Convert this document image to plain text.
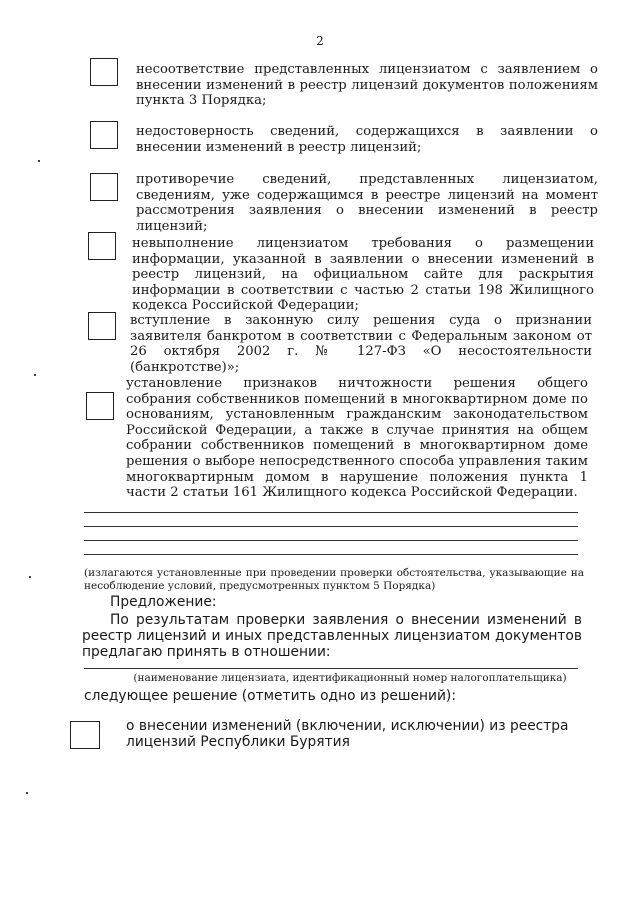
2
несоответствие представленных лицензиатом с заявлением о внесении изменений в реестр лицензий документов положениям пункта 3 Порядка;
недостоверность сведений, содержащихся в заявлении о внесении изменений в реестр лицензий;
противоречие сведений, представленных лицензиатом, сведениям, уже содержащимся в реестре лицензий на момент рассмотрения заявления о внесении изменений в реестр лицензий;
невыполнение лицензиатом требования о размещении информации, указанной в заявлении о внесении изменений в реестр лицензий, на официальном сайте для раскрытия информации в соответствии с частью 2 статьи 198 Жилищного кодекса Российской Федерации;
вступление в законную силу решения суда о признании заявителя банкротом в соответствии с Федеральным законом от 26 октября 2002 г. № 127-ФЗ «О несостоятельности (банкротстве)»;
установление признаков ничтожности решения общего собрания собственников помещений в многоквартирном доме по основаниям, установленным гражданским законодательством Российской Федерации, а также в случае принятия на общем собрании собственников помещений в многоквартирном доме решения о выборе непосредственного способа управления таким многоквартирным домом в нарушение положения пункта 1 части 2 статьи 161 Жилищного кодекса Российской Федерации.
(излагаются установленные при проведении проверки обстоятельства, указывающие на несоблюдение условий, предусмотренных пунктом 5 Порядка)
Предложение:
По результатам проверки заявления о внесении изменений в реестр лицензий и иных представленных лицензиатом документов предлагаю принять в отношении:
(наименование лицензиата, идентификационный номер налогоплательщика)
следующее решение (отметить одно из решений):
о внесении изменений (включении, исключении) из реестра лицензий Республики Бурятия
